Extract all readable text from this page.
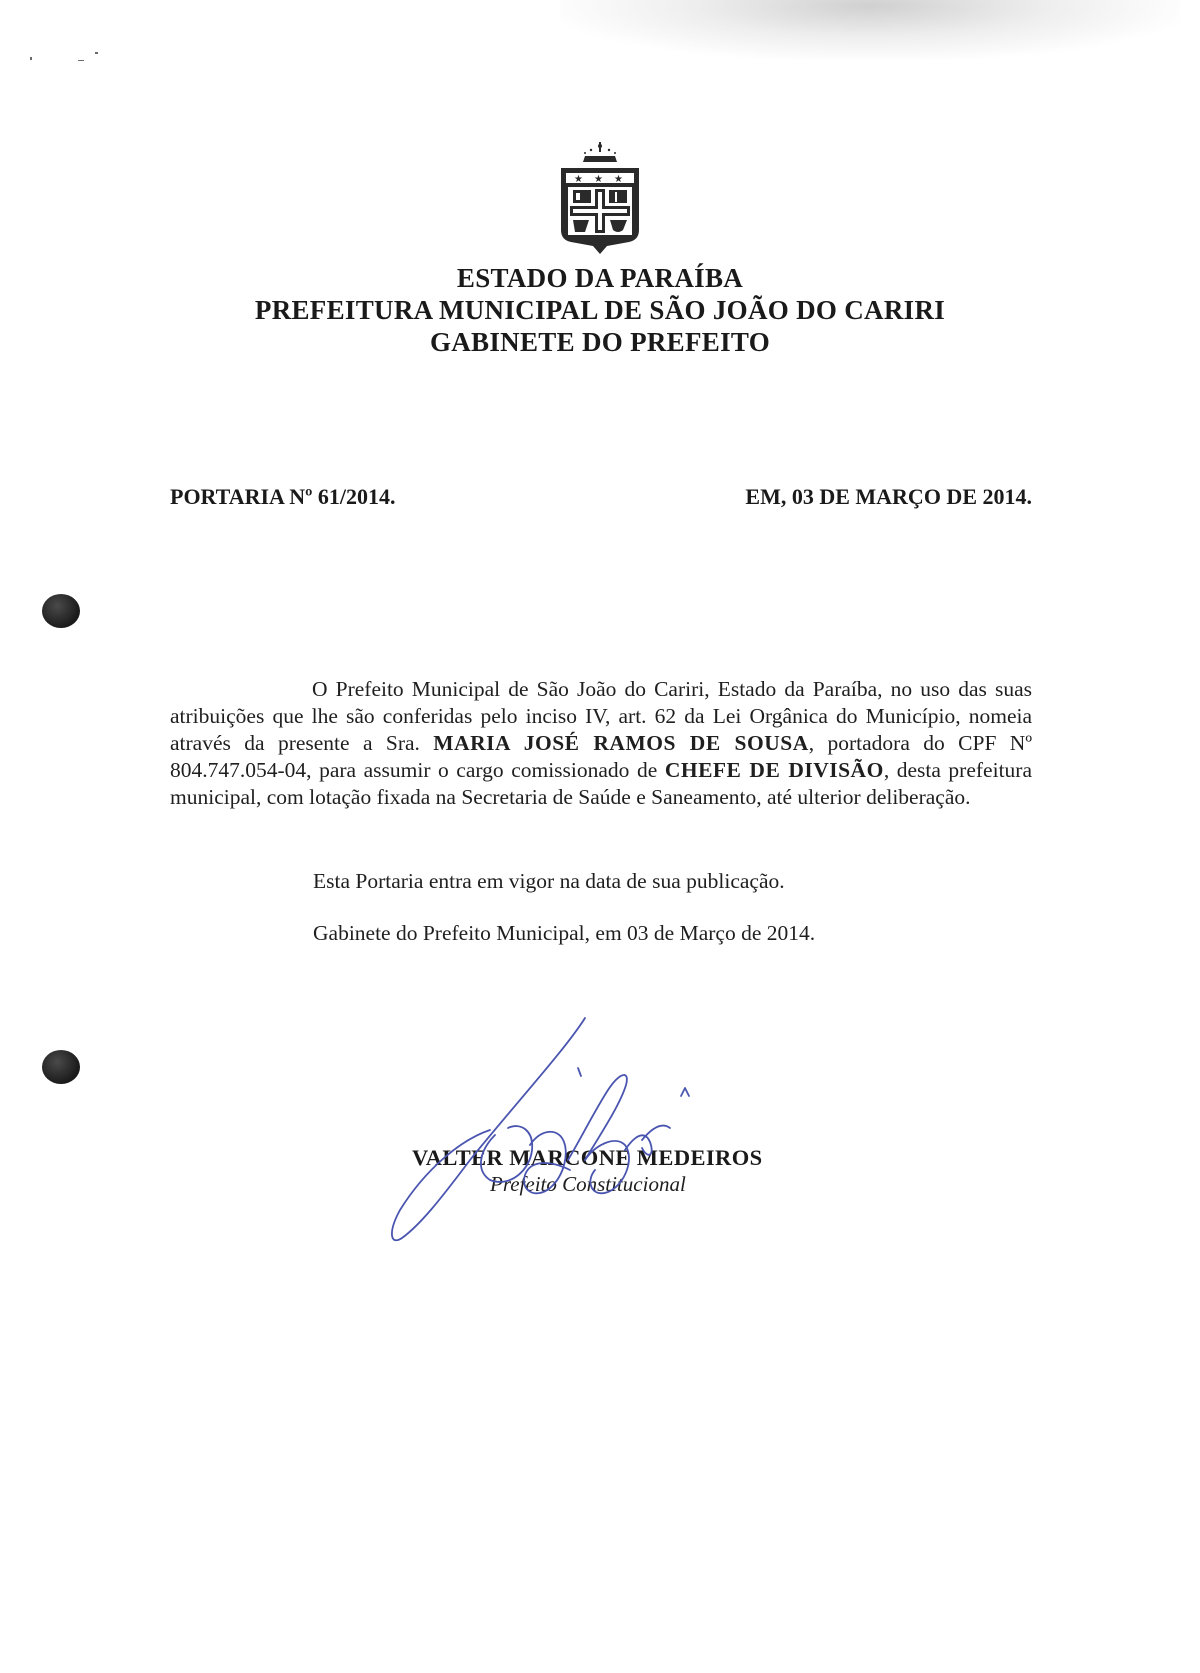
★ ★ ★
ESTADO DA PARAÍBA
PREFEITURA MUNICIPAL DE SÃO JOÃO DO CARIRI
GABINETE DO PREFEITO
PORTARIA Nº 61/2014.	EM, 03 DE MARÇO DE 2014.
O Prefeito Municipal de São João do Cariri, Estado da Paraíba, no uso das suas atribuições que lhe são conferidas pelo inciso IV, art. 62 da Lei Orgânica do Município, nomeia através da presente a Sra. MARIA JOSÉ RAMOS DE SOUSA, portadora do CPF Nº 804.747.054-04, para assumir o cargo comissionado de CHEFE DE DIVISÃO, desta prefeitura municipal, com lotação fixada na Secretaria de Saúde e Saneamento, até ulterior deliberação.
Esta Portaria entra em vigor na data de sua publicação.
Gabinete do Prefeito Municipal, em 03 de Março de 2014.
VALTER MARCONE MEDEIROS
Prefeito Constitucional
